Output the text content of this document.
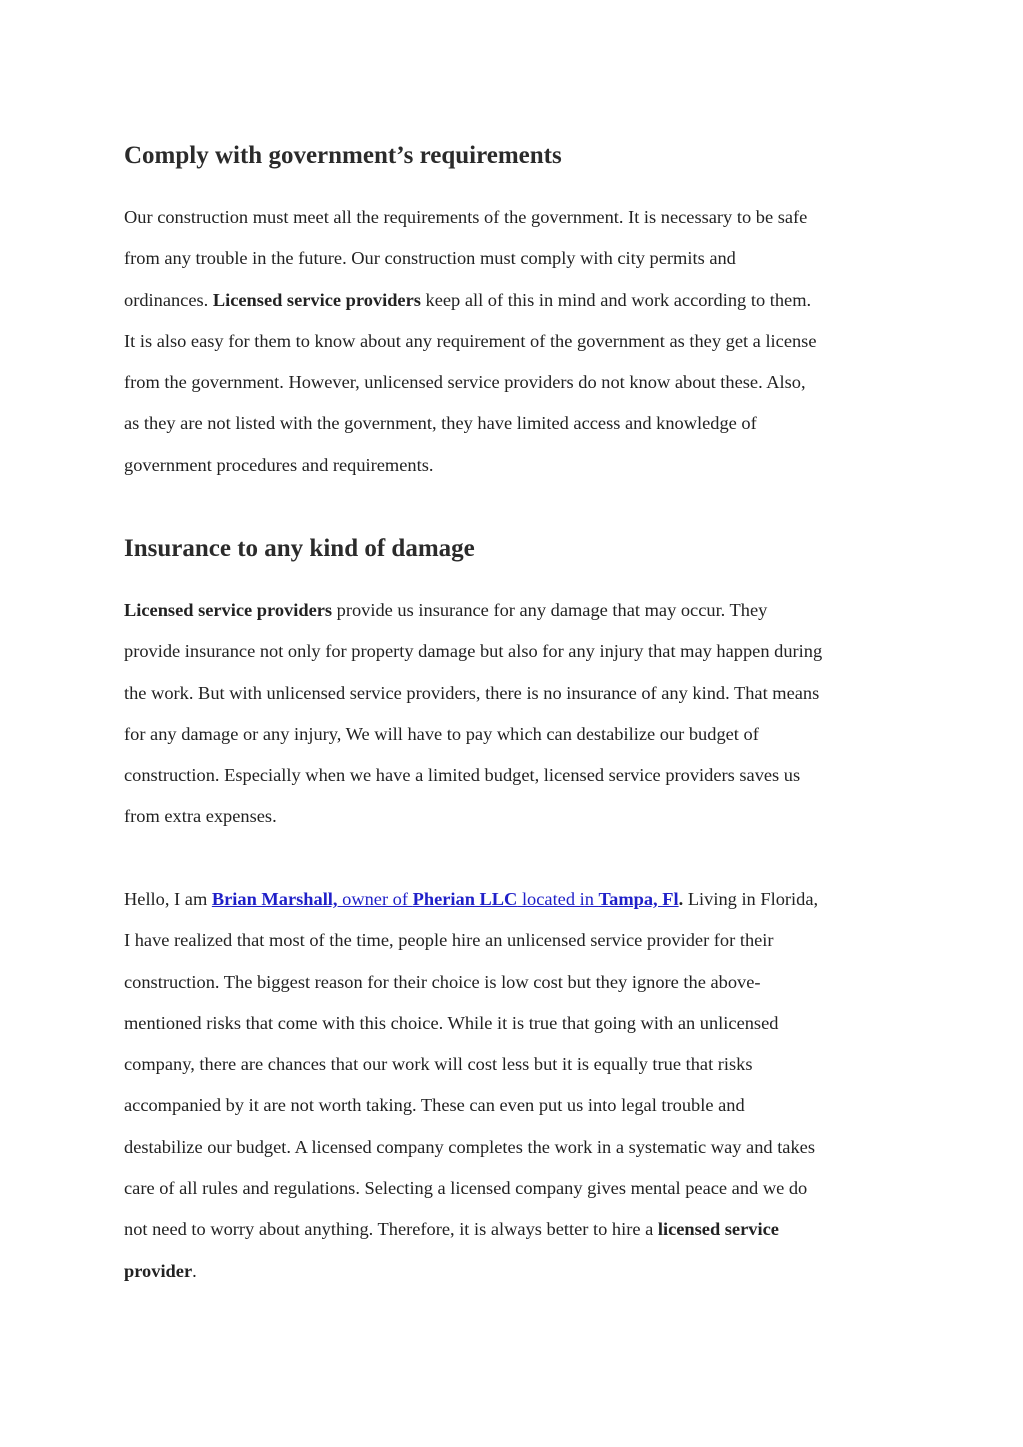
Comply with government’s requirements
Our construction must meet all the requirements of the government. It is necessary to be safe
from any trouble in the future. Our construction must comply with city permits and
ordinances. Licensed service providers keep all of this in mind and work according to them.
It is also easy for them to know about any requirement of the government as they get a license
from the government. However, unlicensed service providers do not know about these. Also,
as they are not listed with the government, they have limited access and knowledge of
government procedures and requirements.
Insurance to any kind of damage
Licensed service providers provide us insurance for any damage that may occur. They
provide insurance not only for property damage but also for any injury that may happen during
the work. But with unlicensed service providers, there is no insurance of any kind. That means
for any damage or any injury, We will have to pay which can destabilize our budget of
construction. Especially when we have a limited budget, licensed service providers saves us
from extra expenses.
Hello, I am Brian Marshall, owner of Pherian LLC located in Tampa, Fl. Living in Florida,
I have realized that most of the time, people hire an unlicensed service provider for their
construction. The biggest reason for their choice is low cost but they ignore the above-
mentioned risks that come with this choice. While it is true that going with an unlicensed
company, there are chances that our work will cost less but it is equally true that risks
accompanied by it are not worth taking. These can even put us into legal trouble and
destabilize our budget. A licensed company completes the work in a systematic way and takes
care of all rules and regulations. Selecting a licensed company gives mental peace and we do
not need to worry about anything. Therefore, it is always better to hire a licensed service
provider.
